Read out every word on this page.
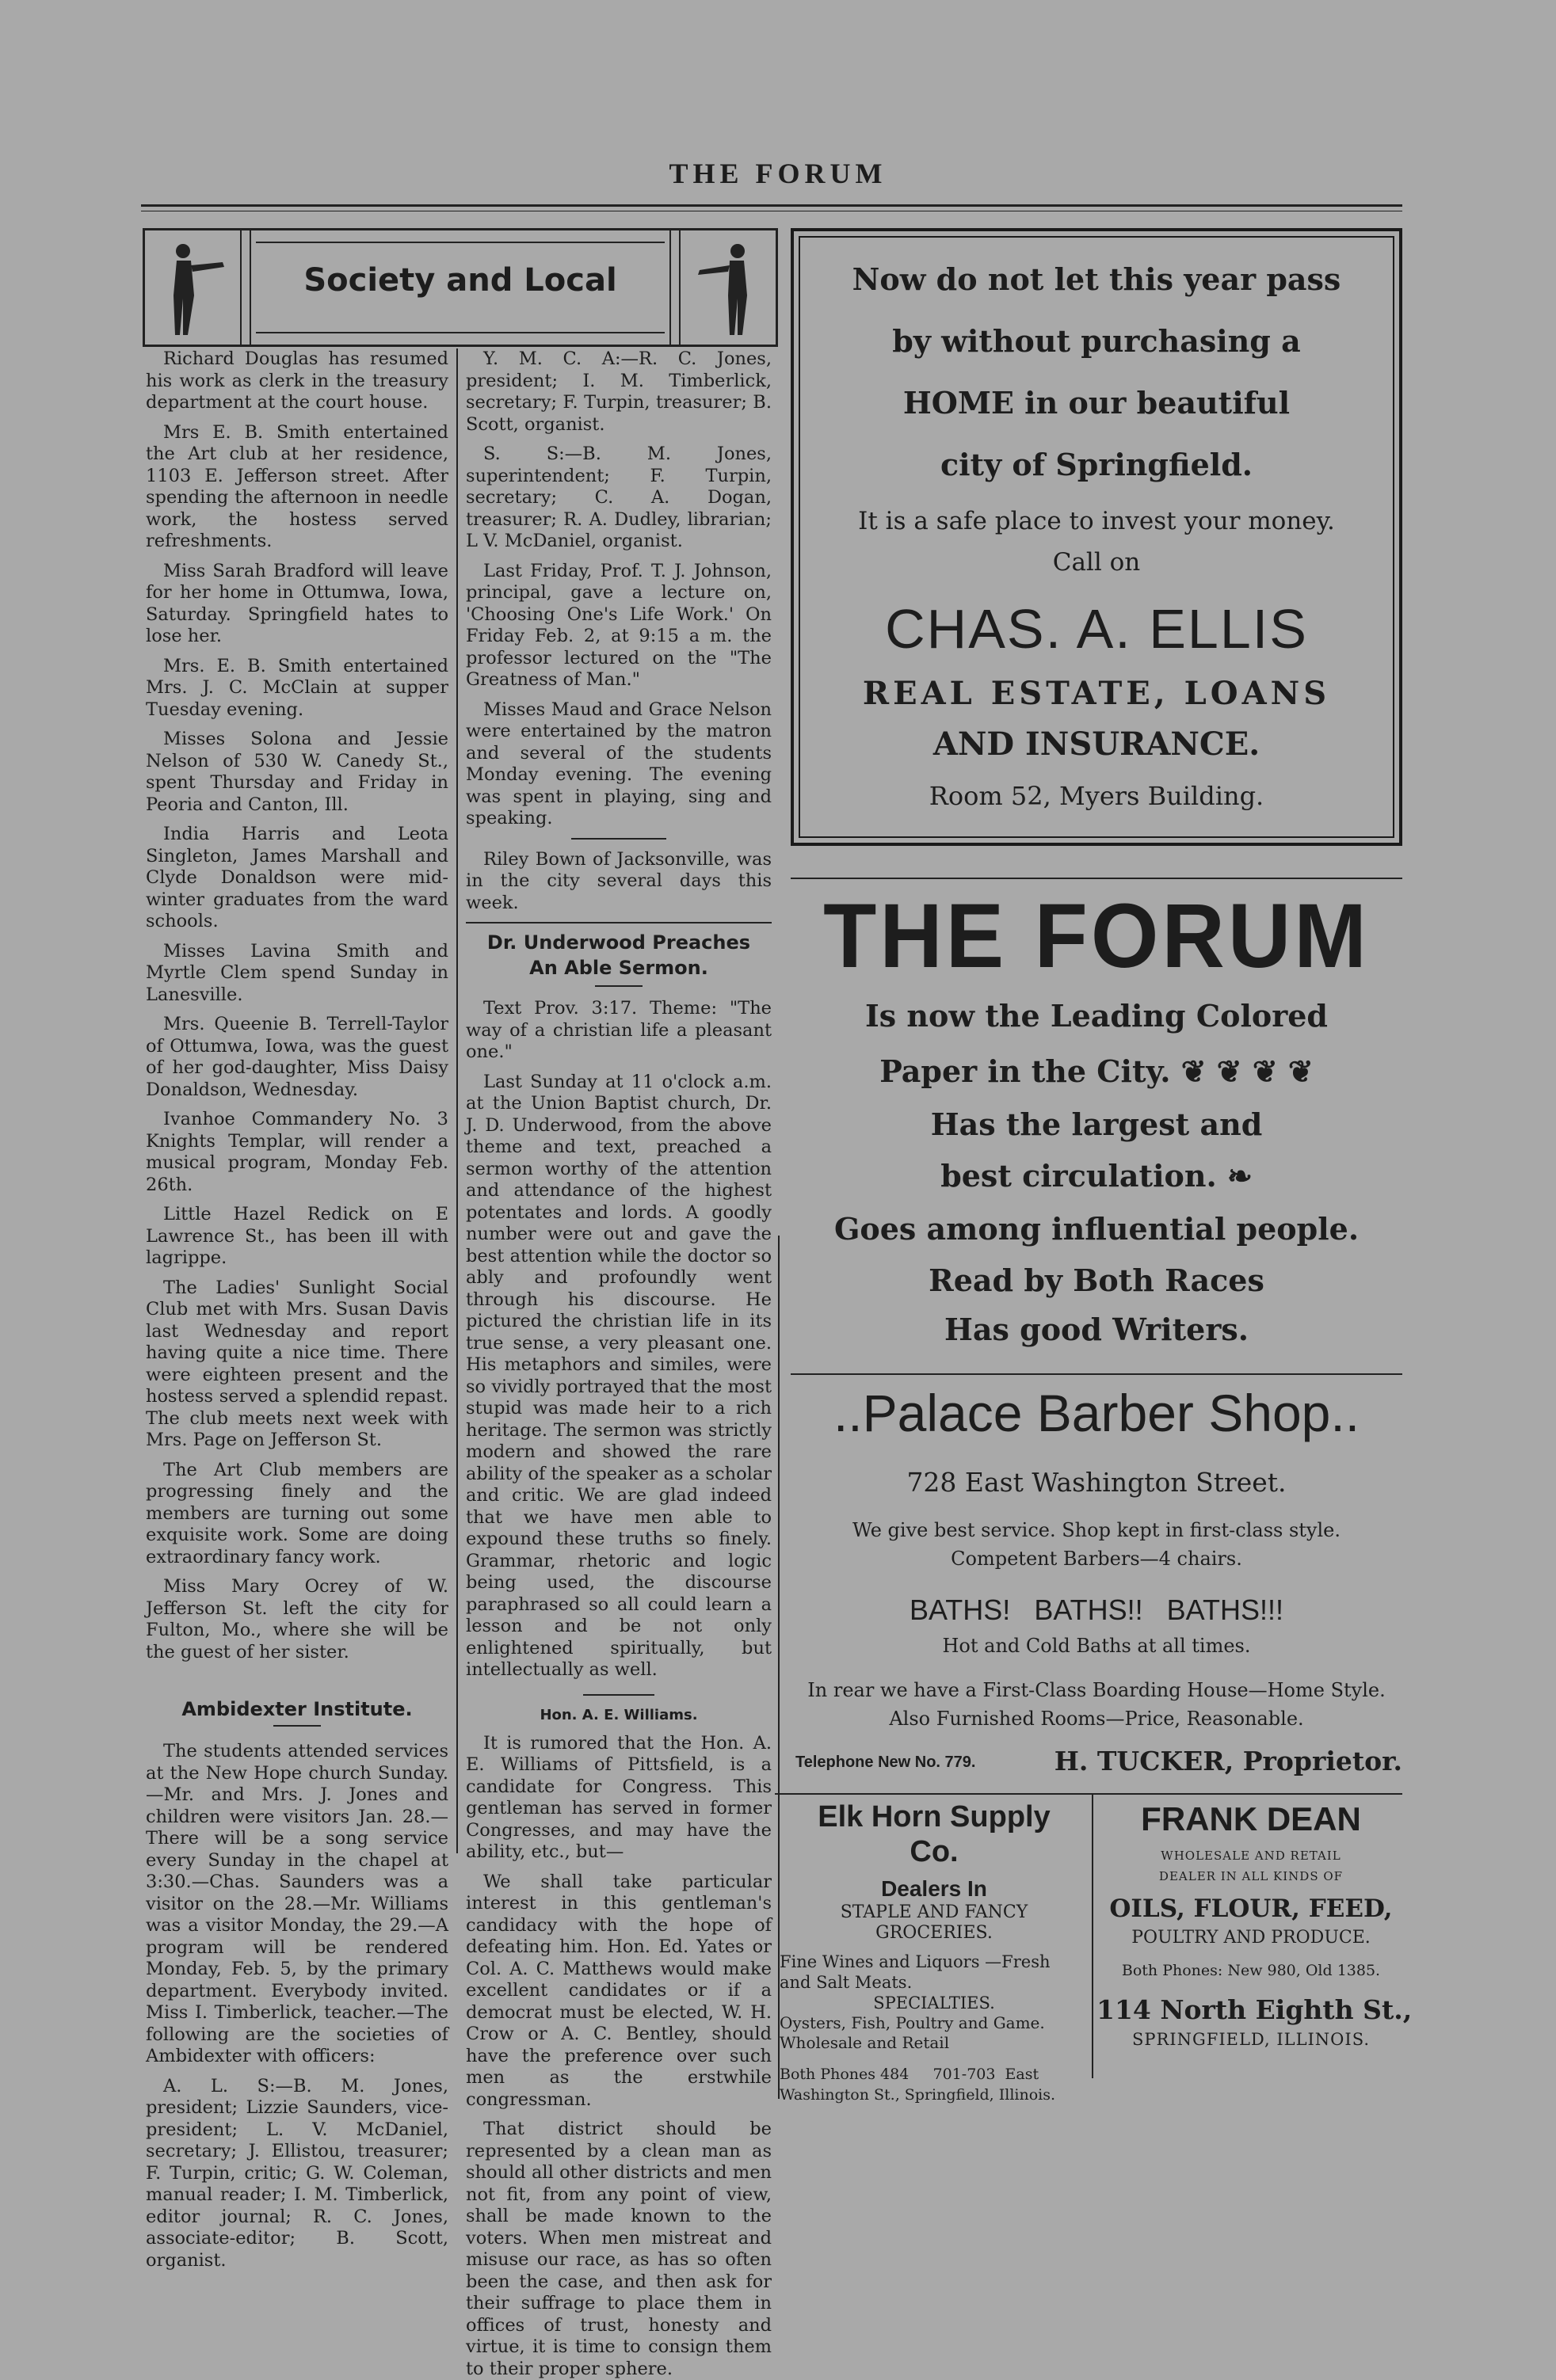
THE FORUM
Society and Local

Richard Douglas has resumed his work as clerk in the treasury department at the court house.

Mrs E. B. Smith entertained the Art club at her residence, 1103 E. Jefferson street. After spending the afternoon in needle work, the hostess served refreshments.

Miss Sarah Bradford will leave for her home in Ottumwa, Iowa, Saturday. Springfield hates to lose her.

Mrs. E. B. Smith entertained Mrs. J. C. McClain at supper Tuesday evening.

Misses Solona and Jessie Nelson of 530 W. Canedy St., spent Thursday and Friday in Peoria and Canton, Ill.

India Harris and Leota Singleton, James Marshall and Clyde Donaldson were mid-winter graduates from the ward schools.

Misses Lavina Smith and Myrtle Clem spend Sunday in Lanesville.

Mrs. Queenie B. Terrell-Taylor of Ottumwa, Iowa, was the guest of her god-daughter, Miss Daisy Donaldson, Wednesday.

Ivanhoe Commandery No. 3 Knights Templar, will render a musical program, Monday Feb. 26th.

Little Hazel Redick on E Lawrence St., has been ill with lagrippe.

The Ladies' Sunlight Social Club met with Mrs. Susan Davis last Wednesday and report having quite a nice time. There were eighteen present and the hostess served a splendid repast. The club meets next week with Mrs. Page on Jefferson St.

The Art Club members are progressing finely and the members are turning out some exquisite work. Some are doing extraordinary fancy work.

Miss Mary Ocrey of W. Jefferson St. left the city for Fulton, Mo., where she will be the guest of her sister.

Ambidexter Institute.

The students attended services at the New Hope church Sunday.—Mr. and Mrs. J. Jones and children were visitors Jan. 28.—There will be a song service every Sunday in the chapel at 3:30.—Chas. Saunders was a visitor on the 28.—Mr. Williams was a visitor Monday, the 29.—A program will be rendered Monday, Feb. 5, by the primary department. Everybody invited. Miss I. Timberlick, teacher.—The following are the societies of Ambidexter with officers:

A. L. S:—B. M. Jones, president; Lizzie Saunders, vice-president; L. V. McDaniel, secretary; J. Ellistou, treasurer; F. Turpin, critic; G. W. Coleman, manual reader; I. M. Timberlick, editor journal; R. C. Jones, associate-editor; B. Scott, organist.

Y. M. C. A:—R. C. Jones, president; I. M. Timberlick, secretary; F. Turpin, treasurer; B. Scott, organist.

S. S:—B. M. Jones, superintendent; F. Turpin, secretary; C. A. Dogan, treasurer; R. A. Dudley, librarian; L V. McDaniel, organist.

Last Friday, Prof. T. J. Johnson, principal, gave a lecture on, 'Choosing One's Life Work.' On Friday Feb. 2, at 9:15 a m. the professor lectured on the "The Greatness of Man."

Misses Maud and Grace Nelson were entertained by the matron and several of the students Monday evening. The evening was spent in playing, sing and speaking.

Riley Bown of Jacksonville, was in the city several days this week.

Dr. Underwood Preaches
An Able Sermon.

Text Prov. 3:17. Theme: "The way of a christian life a pleasant one."

Last Sunday at 11 o'clock a.m. at the Union Baptist church, Dr. J. D. Underwood, from the above theme and text, preached a sermon worthy of the attention and attendance of the highest potentates and lords. A goodly number were out and gave the best attention while the doctor so ably and profoundly went through his discourse. He pictured the christian life in its true sense, a very pleasant one. His metaphors and similes, were so vividly portrayed that the most stupid was made heir to a rich heritage. The sermon was strictly modern and showed the rare ability of the speaker as a scholar and critic. We are glad indeed that we have men able to expound these truths so finely. Grammar, rhetoric and logic being used, the discourse paraphrased so all could learn a lesson and be not only enlightened spiritually, but intellectually as well.

Hon. A. E. Williams.

It is rumored that the Hon. A. E. Williams of Pittsfield, is a candidate for Congress. This gentleman has served in former Congresses, and may have the ability, etc., but—

We shall take particular interest in this gentleman's candidacy with the hope of defeating him. Hon. Ed. Yates or Col. A. C. Matthews would make excellent candidates or if a democrat must be elected, W. H. Crow or A. C. Bentley, should have the preference over such men as the erstwhile congressman.

That district should be represented by a clean man as should all other districts and men not fit, from any point of view, shall be made known to the voters. When men mistreat and misuse our race, as has so often been the case, and then ask for their suffrage to place them in offices of trust, honesty and virtue, it is time to consign them to their proper sphere.

Now do not let this year pass
by without purchasing a
HOME in our beautiful
city of Springfield.
It is a safe place to invest your money.
Call on
CHAS. A. ELLIS
REAL ESTATE, LOANS
AND INSURANCE.
Room 52, Myers Building.
THE FORUM
Is now the Leading Colored
Paper in the City. ❦ ❦ ❦ ❦
Has the largest and
best circulation. ❧
Goes among influential people.
Read by Both Races
Has good Writers.
..Palace Barber Shop..
728 East Washington Street.
We give best service. Shop kept in first-class style.
Competent Barbers—4 chairs.
BATHS!   BATHS!!   BATHS!!!
Hot and Cold Baths at all times.
In rear we have a First-Class Boarding House—Home Style.
Also Furnished Rooms—Price, Reasonable.
Telephone New No. 779.	H. TUCKER, Proprietor.
Elk Horn Supply
Co.
Dealers In
STAPLE AND FANCY
GROCERIES.
Fine Wines and Liquors —Fresh
and Salt Meats.
SPECIALTIES.
Oysters, Fish, Poultry and Game.
Wholesale and Retail
Both Phones 484     701-703  East
Washington St., Springfield, Illinois.
FRANK DEAN
WHOLESALE AND RETAIL
DEALER IN ALL KINDS OF
OILS, FLOUR, FEED,
POULTRY AND PRODUCE.
Both Phones: New 980, Old 1385.
114 North Eighth St.,
SPRINGFIELD, ILLINOIS.
